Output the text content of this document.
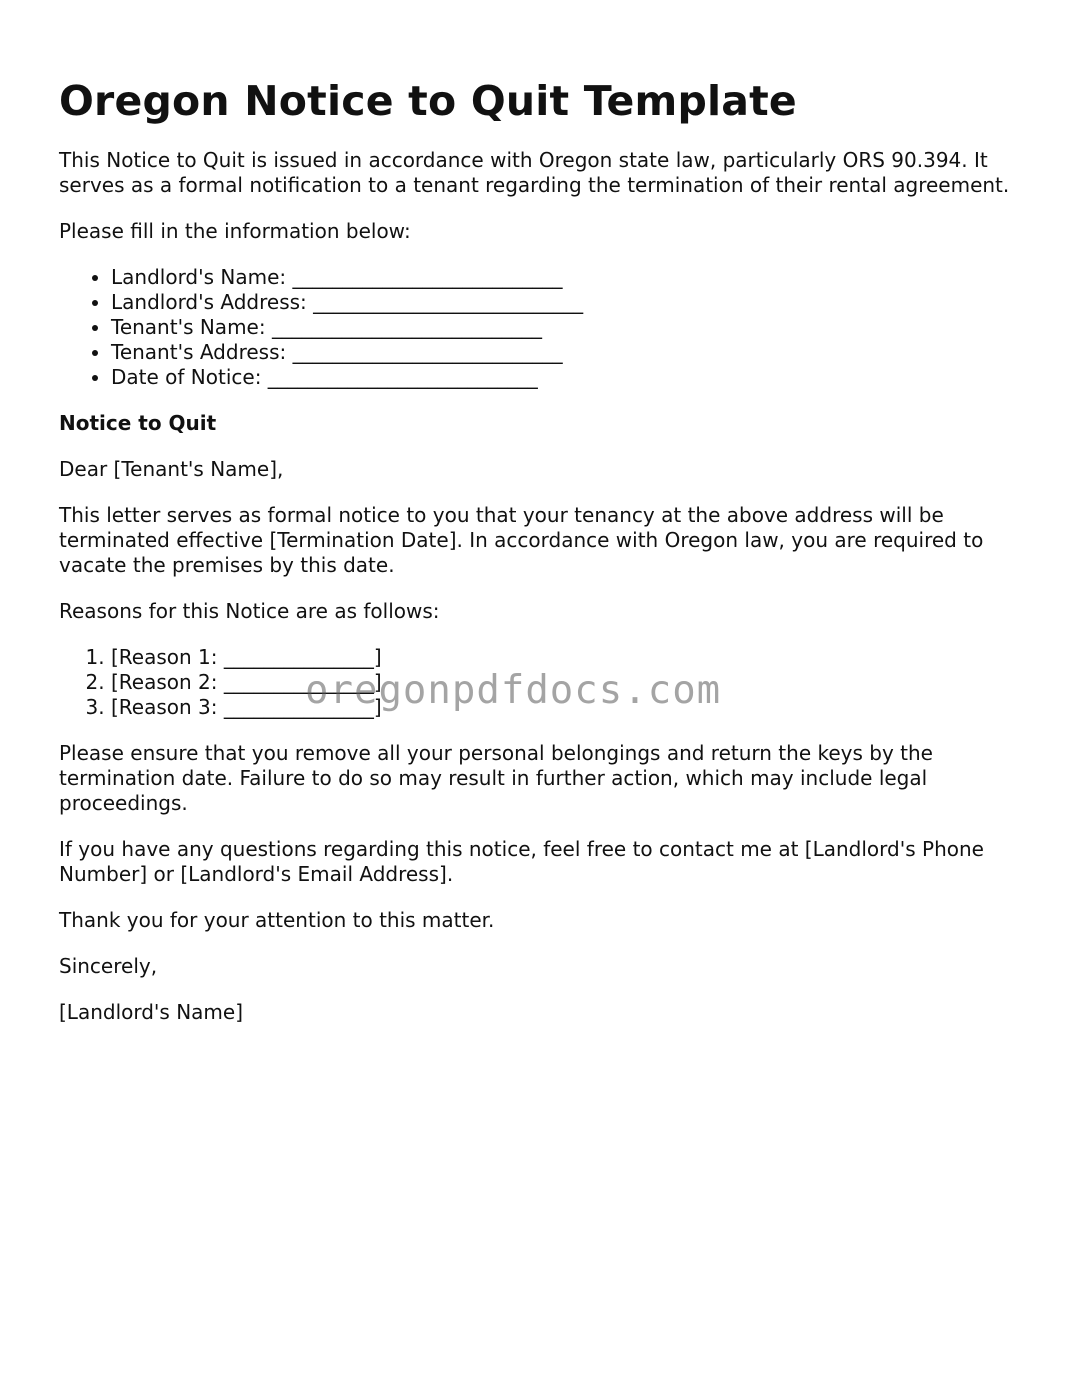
Oregon Notice to Quit Template

This Notice to Quit is issued in accordance with Oregon state law, particularly ORS 90.394. It serves as a formal notification to a tenant regarding the termination of their rental agreement.

Please fill in the information below:

• Landlord's Name: ___________________________
• Landlord's Address: ___________________________
• Tenant's Name: ___________________________
• Tenant's Address: ___________________________
• Date of Notice: ___________________________

Notice to Quit

Dear [Tenant's Name],

This letter serves as formal notice to you that your tenancy at the above address will be terminated effective [Termination Date]. In accordance with Oregon law, you are required to vacate the premises by this date.

Reasons for this Notice are as follows:

1. [Reason 1: _______________]
2. [Reason 2: _______________]
3. [Reason 3: _______________]

Please ensure that you remove all your personal belongings and return the keys by the termination date. Failure to do so may result in further action, which may include legal proceedings.

If you have any questions regarding this notice, feel free to contact me at [Landlord's Phone Number] or [Landlord's Email Address].

Thank you for your attention to this matter.

Sincerely,

[Landlord's Name]

oregonpdfdocs.com
